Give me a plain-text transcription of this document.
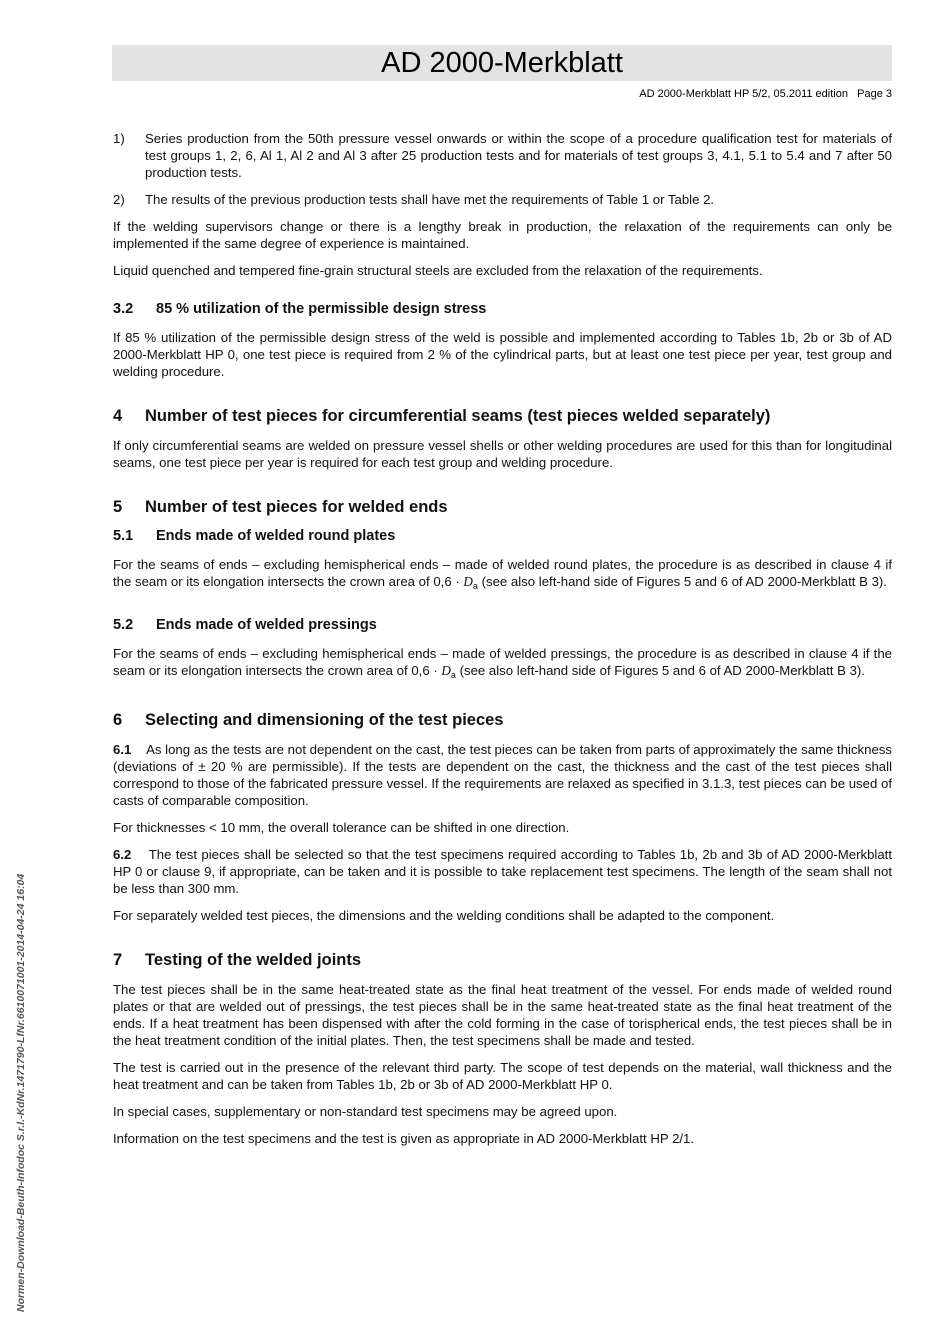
AD 2000-Merkblatt
AD 2000-Merkblatt HP 5/2, 05.2011 edition   Page 3
1)	Series production from the 50th pressure vessel onwards or within the scope of a procedure qualification test for materials of test groups 1, 2, 6, Al 1, Al 2 and Al 3 after 25 production tests and for materials of test groups 3, 4.1, 5.1 to 5.4 and 7 after 50 production tests.
2)	The results of the previous production tests shall have met the requirements of Table 1 or Table 2.

If the welding supervisors change or there is a lengthy break in production, the relaxation of the requirements can only be implemented if the same degree of experience is maintained.

Liquid quenched and tempered fine-grain structural steels are excluded from the relaxation of the requirements.

3.2	85 % utilization of the permissible design stress

If 85 % utilization of the permissible design stress of the weld is possible and implemented according to Tables 1b, 2b or 3b of AD 2000-Merkblatt HP 0, one test piece is required from 2 % of the cylindrical parts, but at least one test piece per year, test group and welding procedure.

4	Number of test pieces for circumferential seams (test pieces welded separately)

If only circumferential seams are welded on pressure vessel shells or other welding procedures are used for this than for longitudinal seams, one test piece per year is required for each test group and welding procedure.

5	Number of test pieces for welded ends
5.1	Ends made of welded round plates

For the seams of ends – excluding hemispherical ends – made of welded round plates, the procedure is as described in clause 4 if the seam or its elongation intersects the crown area of $0,6 \cdot D_a$ (see also left-hand side of Figures 5 and 6 of AD 2000-Merkblatt B 3).

5.2	Ends made of welded pressings

For the seams of ends – excluding hemispherical ends – made of welded pressings, the procedure is as described in clause 4 if the seam or its elongation intersects the crown area of $0,6 \cdot D_a$ (see also left-hand side of Figures 5 and 6 of AD 2000-Merkblatt B 3).

6	Selecting and dimensioning of the test pieces

6.1 As long as the tests are not dependent on the cast, the test pieces can be taken from parts of approximately the same thickness (deviations of ± 20 % are permissible). If the tests are dependent on the cast, the thickness and the cast of the test pieces shall correspond to those of the fabricated pressure vessel. If the requirements are relaxed as specified in 3.1.3, test pieces can be used of casts of comparable composition.

For thicknesses < 10 mm, the overall tolerance can be shifted in one direction.

6.2 The test pieces shall be selected so that the test specimens required according to Tables 1b, 2b and 3b of AD 2000-Merkblatt HP 0 or clause 9, if appropriate, can be taken and it is possible to take replacement test specimens. The length of the seam shall not be less than 300 mm.

For separately welded test pieces, the dimensions and the welding conditions shall be adapted to the component.

7	Testing of the welded joints

The test pieces shall be in the same heat-treated state as the final heat treatment of the vessel. For ends made of welded round plates or that are welded out of pressings, the test pieces shall be in the same heat-treated state as the final heat treatment of the ends. If a heat treatment has been dispensed with after the cold forming in the case of torispherical ends, the test pieces shall be in the heat treatment condition of the initial plates. Then, the test specimens shall be made and tested.

The test is carried out in the presence of the relevant third party. The scope of test depends on the material, wall thickness and the heat treatment and can be taken from Tables 1b, 2b or 3b of AD 2000-Merkblatt HP 0.

In special cases, supplementary or non-standard test specimens may be agreed upon.

Information on the test specimens and the test is given as appropriate in AD 2000-Merkblatt HP 2/1.

Normen-Download-Beuth-Infodoc S.r.l.-KdNr.1471790-LfNr.6610071001-2014-04-24 16:04
